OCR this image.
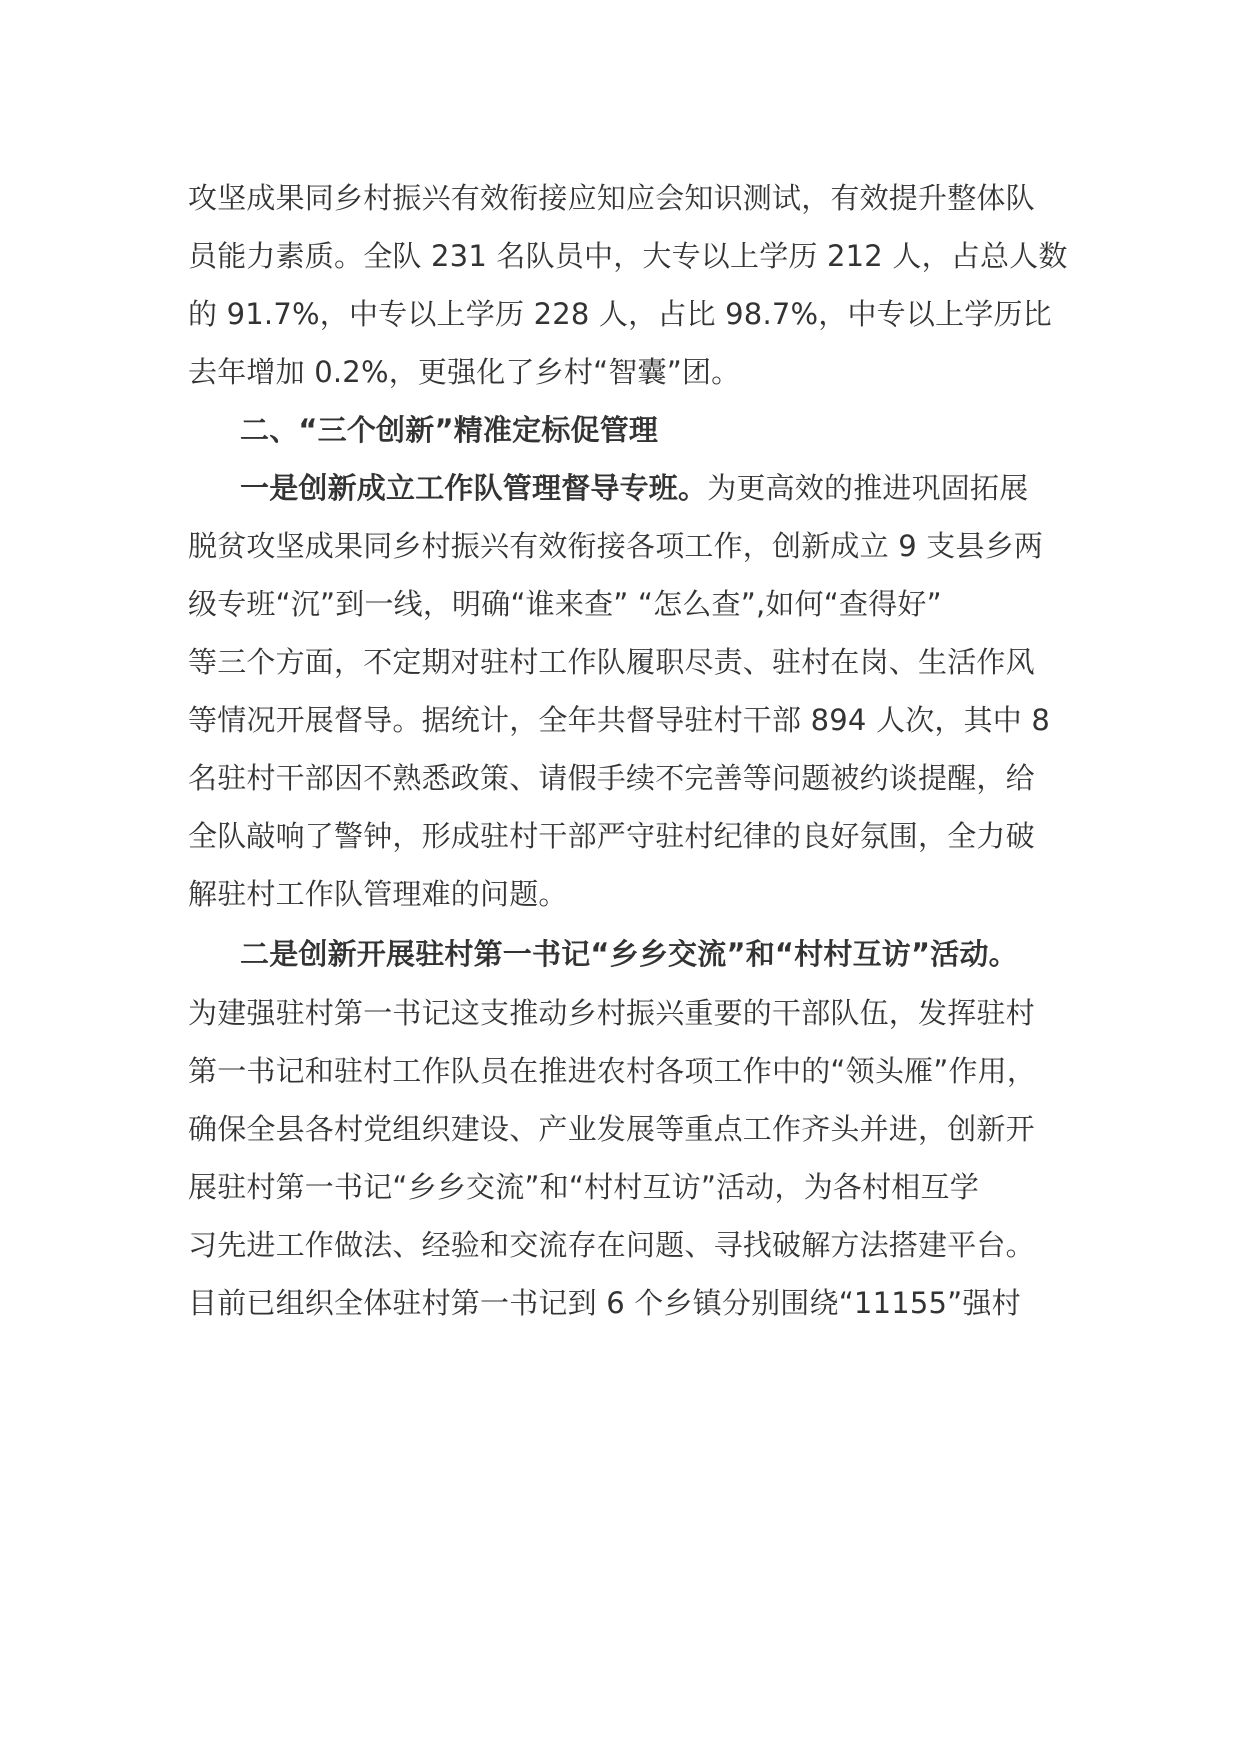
攻坚成果同乡村振兴有效衔接应知应会知识测试，有效提升整体队
员能力素质。全队 231 名队员中，大专以上学历 212 人，占总人数
的 91.7%，中专以上学历 228 人，占比 98.7%，中专以上学历比
去年增加 0.2%，更强化了乡村“智囊”团。
二、“三个创新”精准定标促管理
一是创新成立工作队管理督导专班。为更高效的推进巩固拓展
脱贫攻坚成果同乡村振兴有效衔接各项工作，创新成立 9 支县乡两
级专班“沉”到一线，明确“谁来查” “怎么查”,如何“查得好”
等三个方面，不定期对驻村工作队履职尽责、驻村在岗、生活作风
等情况开展督导。据统计，全年共督导驻村干部 894 人次，其中 8
名驻村干部因不熟悉政策、请假手续不完善等问题被约谈提醒，给
全队敲响了警钟，形成驻村干部严守驻村纪律的良好氛围，全力破
解驻村工作队管理难的问题。
二是创新开展驻村第一书记“乡乡交流”和“村村互访”活动。
为建强驻村第一书记这支推动乡村振兴重要的干部队伍，发挥驻村
第一书记和驻村工作队员在推进农村各项工作中的“领头雁”作用，
确保全县各村党组织建设、产业发展等重点工作齐头并进，创新开
展驻村第一书记“乡乡交流”和“村村互访”活动，为各村相互学
习先进工作做法、经验和交流存在问题、寻找破解方法搭建平台。
目前已组织全体驻村第一书记到 6 个乡镇分别围绕“11155”强村
